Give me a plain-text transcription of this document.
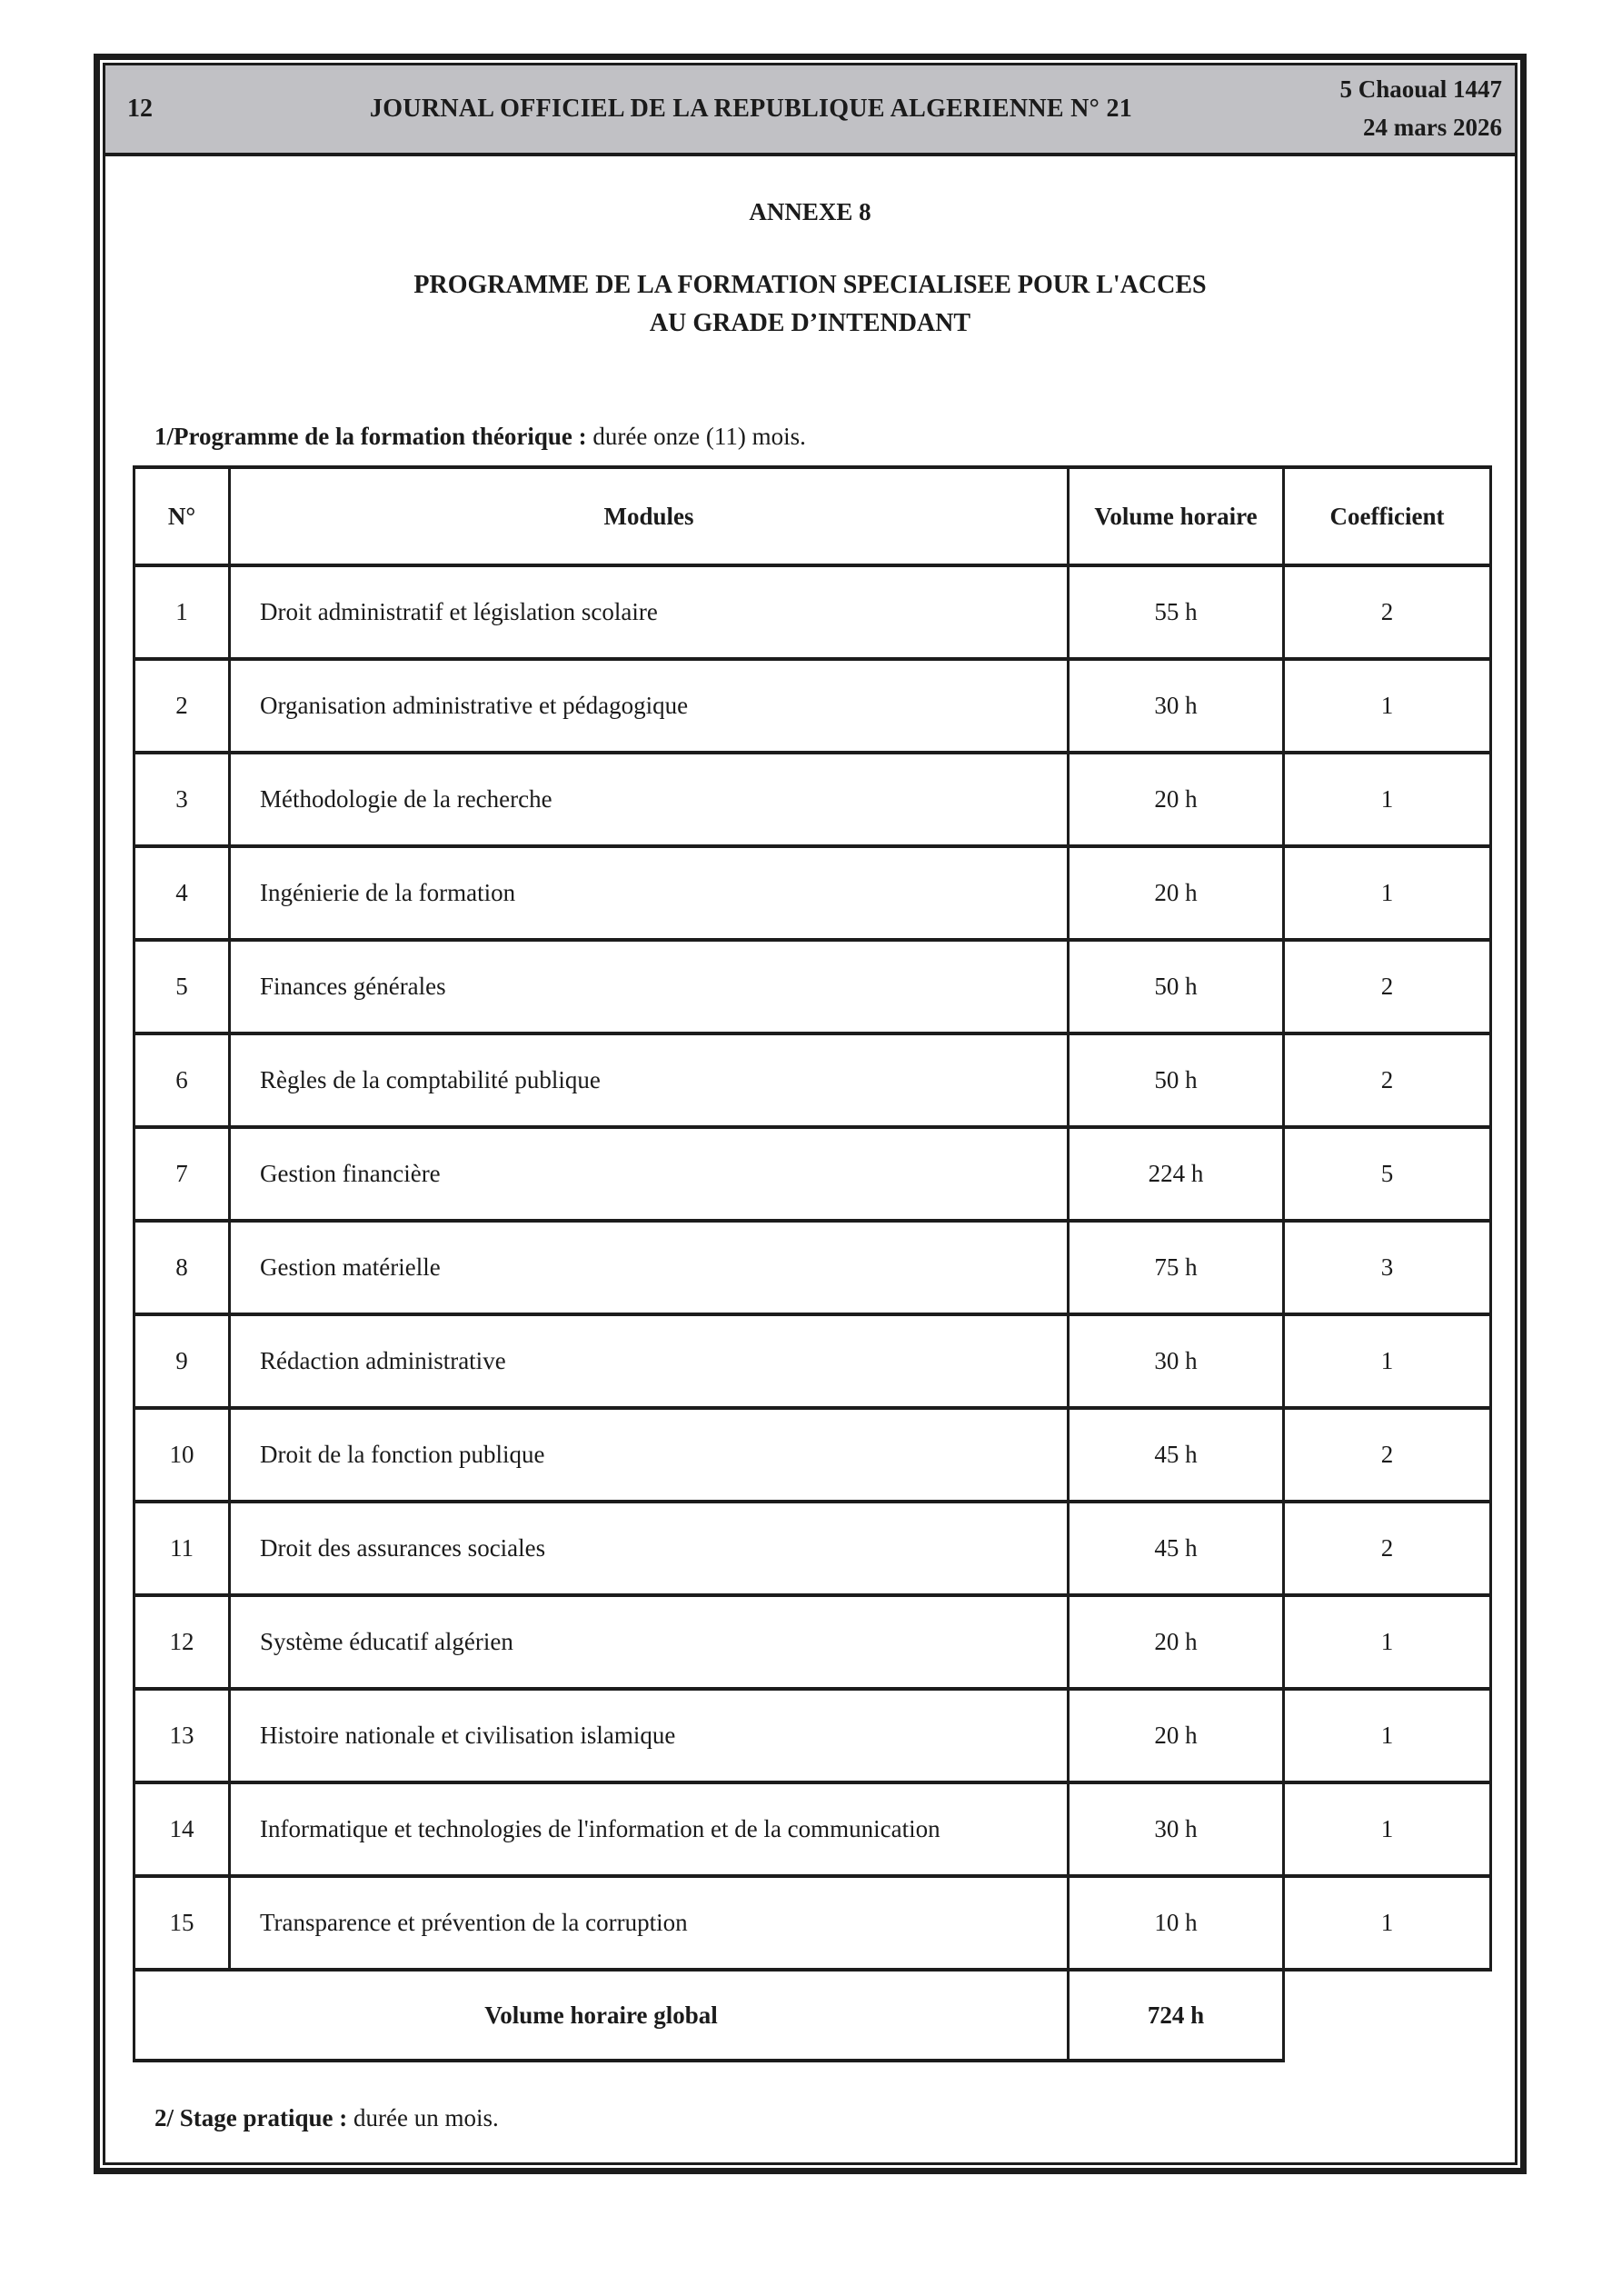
12	JOURNAL OFFICIEL DE LA REPUBLIQUE ALGERIENNE N° 21
5 Chaoual 1447
24 mars 2026
ANNEXE 8
PROGRAMME DE LA FORMATION SPECIALISEE POUR L'ACCES
AU GRADE D’INTENDANT
1/Programme de la formation théorique : durée onze (11) mois.
N°	Modules	Volume horaire	Coefficient
1	Droit administratif et législation scolaire	55 h	2
2	Organisation administrative et pédagogique	30 h	1
3	Méthodologie de la recherche	20 h	1
4	Ingénierie de la formation	20 h	1
5	Finances générales	50 h	2
6	Règles de la comptabilité publique	50 h	2
7	Gestion financière	224 h	5
8	Gestion matérielle	75 h	3
9	Rédaction administrative	30 h	1
10	Droit de la fonction publique	45 h	2
11	Droit des assurances sociales	45 h	2
12	Système éducatif algérien	20 h	1
13	Histoire nationale et civilisation islamique	20 h	1
14	Informatique et technologies de l'information et de la communication	30 h	1
15	Transparence et prévention de la corruption	10 h	1
Volume horaire global		724 h	
2/ Stage pratique : durée un mois.
